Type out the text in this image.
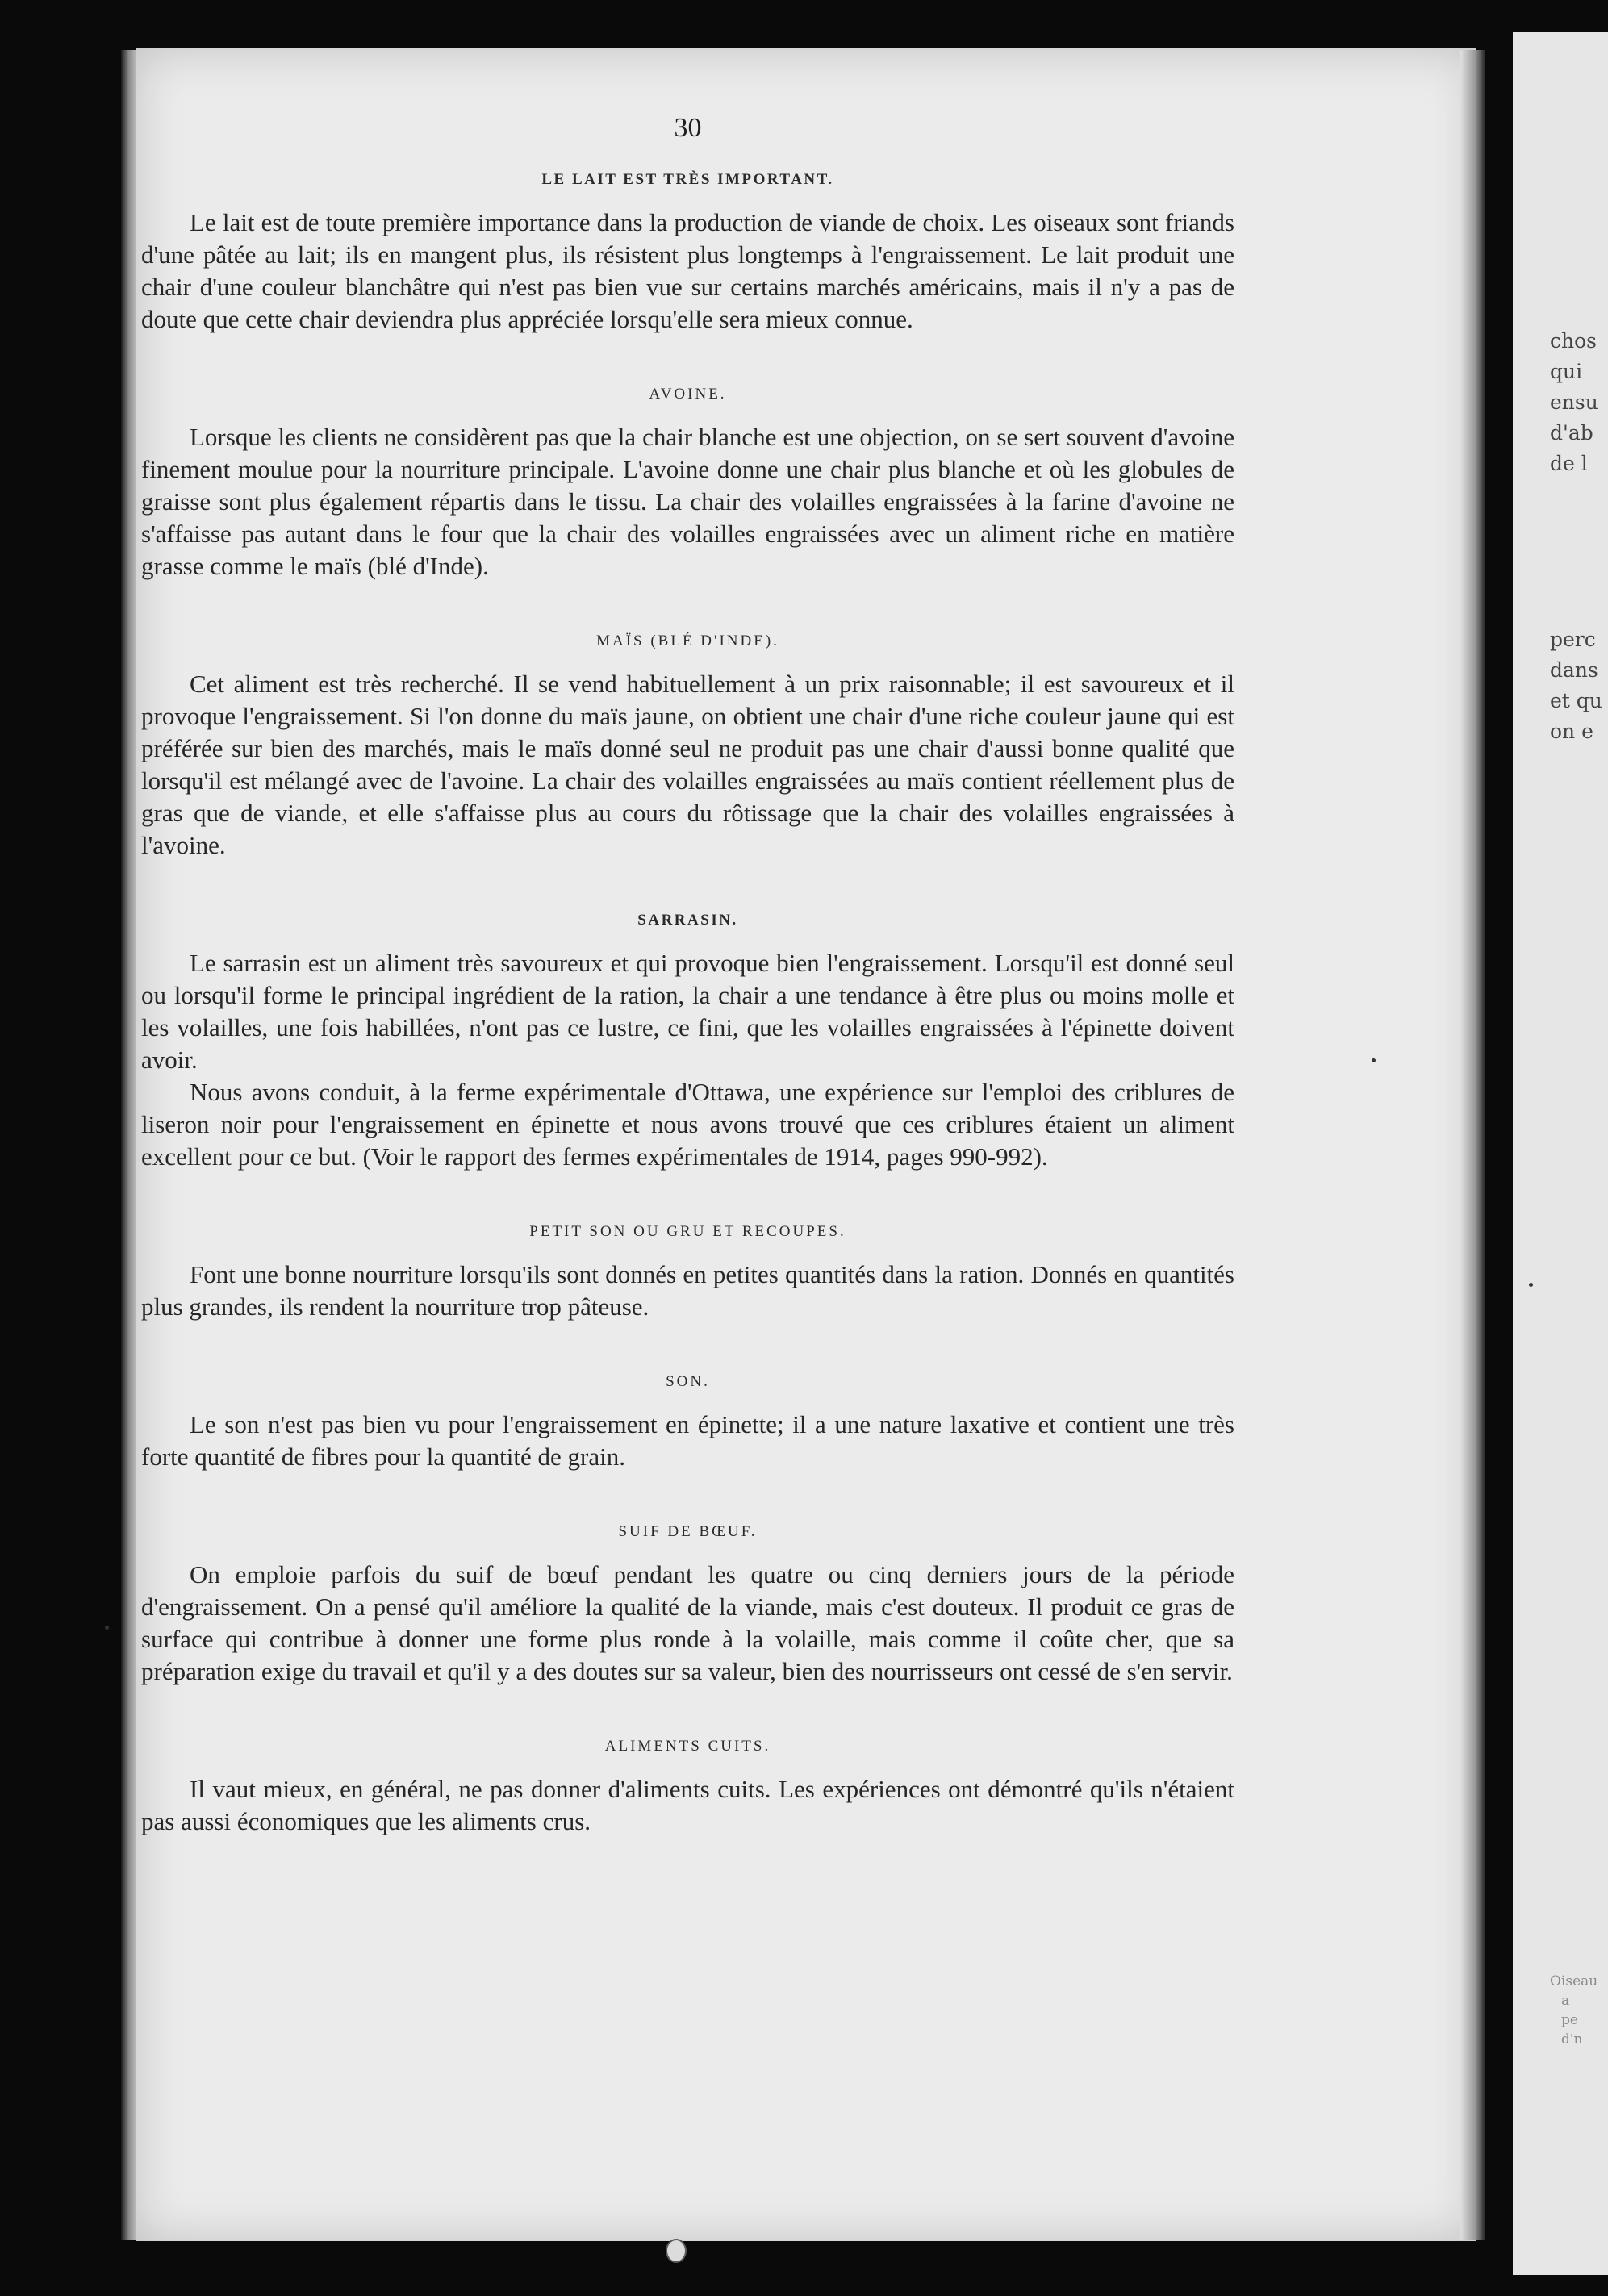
30
LE LAIT EST TRÈS IMPORTANT.

Le lait est de toute première importance dans la production de viande de choix. Les oiseaux sont friands d'une pâtée au lait; ils en mangent plus, ils résistent plus longtemps à l'engraissement. Le lait produit une chair d'une couleur blanchâtre qui n'est pas bien vue sur certains marchés américains, mais il n'y a pas de doute que cette chair deviendra plus appréciée lorsqu'elle sera mieux connue.

AVOINE.

Lorsque les clients ne considèrent pas que la chair blanche est une objection, on se sert souvent d'avoine finement moulue pour la nourriture principale. L'avoine donne une chair plus blanche et où les globules de graisse sont plus également répartis dans le tissu. La chair des volailles engraissées à la farine d'avoine ne s'affaisse pas autant dans le four que la chair des volailles engraissées avec un aliment riche en matière grasse comme le maïs (blé d'Inde).

MAÏS (BLÉ D'INDE).

Cet aliment est très recherché. Il se vend habituellement à un prix raisonnable; il est savoureux et il provoque l'engraissement. Si l'on donne du maïs jaune, on obtient une chair d'une riche couleur jaune qui est préférée sur bien des marchés, mais le maïs donné seul ne produit pas une chair d'aussi bonne qualité que lorsqu'il est mélangé avec de l'avoine. La chair des volailles engraissées au maïs contient réellement plus de gras que de viande, et elle s'affaisse plus au cours du rôtissage que la chair des volailles engraissées à l'avoine.

SARRASIN.

Le sarrasin est un aliment très savoureux et qui provoque bien l'engraissement. Lorsqu'il est donné seul ou lorsqu'il forme le principal ingrédient de la ration, la chair a une tendance à être plus ou moins molle et les volailles, une fois habillées, n'ont pas ce lustre, ce fini, que les volailles engraissées à l'épinette doivent avoir.

Nous avons conduit, à la ferme expérimentale d'Ottawa, une expérience sur l'emploi des criblures de liseron noir pour l'engraissement en épinette et nous avons trouvé que ces criblures étaient un aliment excellent pour ce but. (Voir le rapport des fermes expérimentales de 1914, pages 990-992).

PETIT SON OU GRU ET RECOUPES.

Font une bonne nourriture lorsqu'ils sont donnés en petites quantités dans la ration. Donnés en quantités plus grandes, ils rendent la nourriture trop pâteuse.

SON.

Le son n'est pas bien vu pour l'engraissement en épinette; il a une nature laxative et contient une très forte quantité de fibres pour la quantité de grain.

SUIF DE BŒUF.

On emploie parfois du suif de bœuf pendant les quatre ou cinq derniers jours de la période d'engraissement. On a pensé qu'il améliore la qualité de la viande, mais c'est douteux. Il produit ce gras de surface qui contribue à donner une forme plus ronde à la volaille, mais comme il coûte cher, que sa préparation exige du travail et qu'il y a des doutes sur sa valeur, bien des nourrisseurs ont cessé de s'en servir.

ALIMENTS CUITS.

Il vaut mieux, en général, ne pas donner d'aliments cuits. Les expériences ont démontré qu'ils n'étaient pas aussi économiques que les aliments crus.

chos
qui
ensu
d'ab
de l
perc
dans
et qu
on e
Oiseau
a
pe
d'n
